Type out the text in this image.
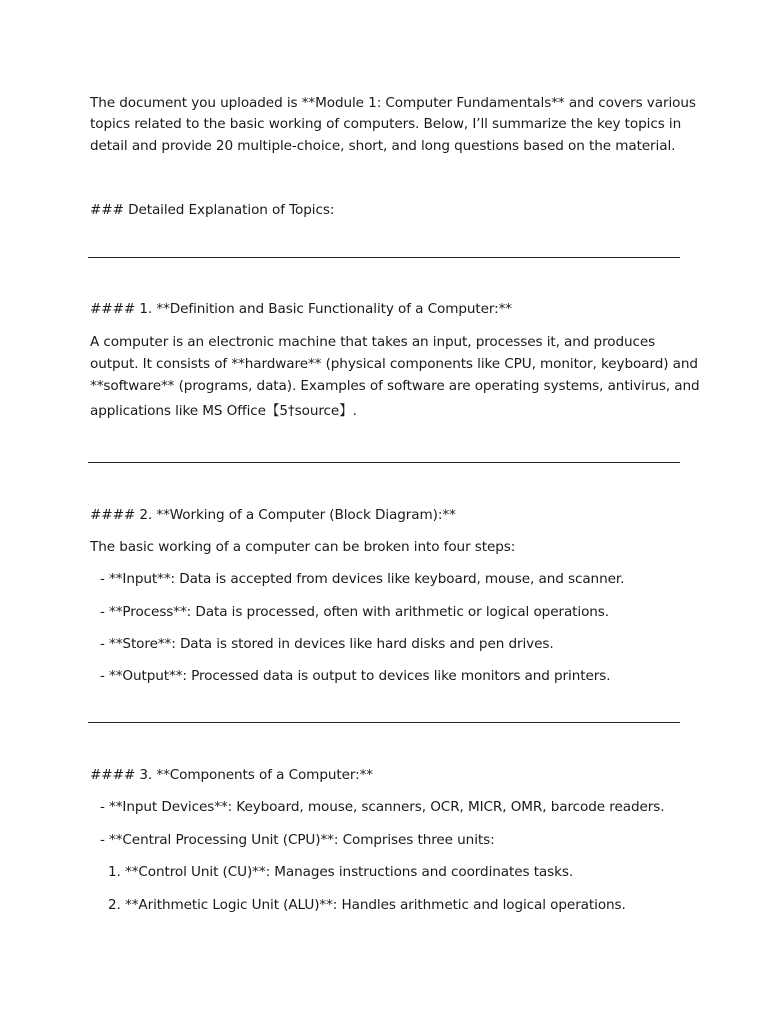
The document you uploaded is **Module 1: Computer Fundamentals** and covers various
topics related to the basic working of computers. Below, I’ll summarize the key topics in
detail and provide 20 multiple-choice, short, and long questions based on the material.
### Detailed Explanation of Topics:
#### 1. **Definition and Basic Functionality of a Computer:**
A computer is an electronic machine that takes an input, processes it, and produces
output. It consists of **hardware** (physical components like CPU, monitor, keyboard) and
**software** (programs, data). Examples of software are operating systems, antivirus, and
applications like MS Office【5†source】.
#### 2. **Working of a Computer (Block Diagram):**
The basic working of a computer can be broken into four steps:
- **Input**: Data is accepted from devices like keyboard, mouse, and scanner.
- **Process**: Data is processed, often with arithmetic or logical operations.
- **Store**: Data is stored in devices like hard disks and pen drives.
- **Output**: Processed data is output to devices like monitors and printers.
#### 3. **Components of a Computer:**
- **Input Devices**: Keyboard, mouse, scanners, OCR, MICR, OMR, barcode readers.
- **Central Processing Unit (CPU)**: Comprises three units:
1. **Control Unit (CU)**: Manages instructions and coordinates tasks.
2. **Arithmetic Logic Unit (ALU)**: Handles arithmetic and logical operations.
